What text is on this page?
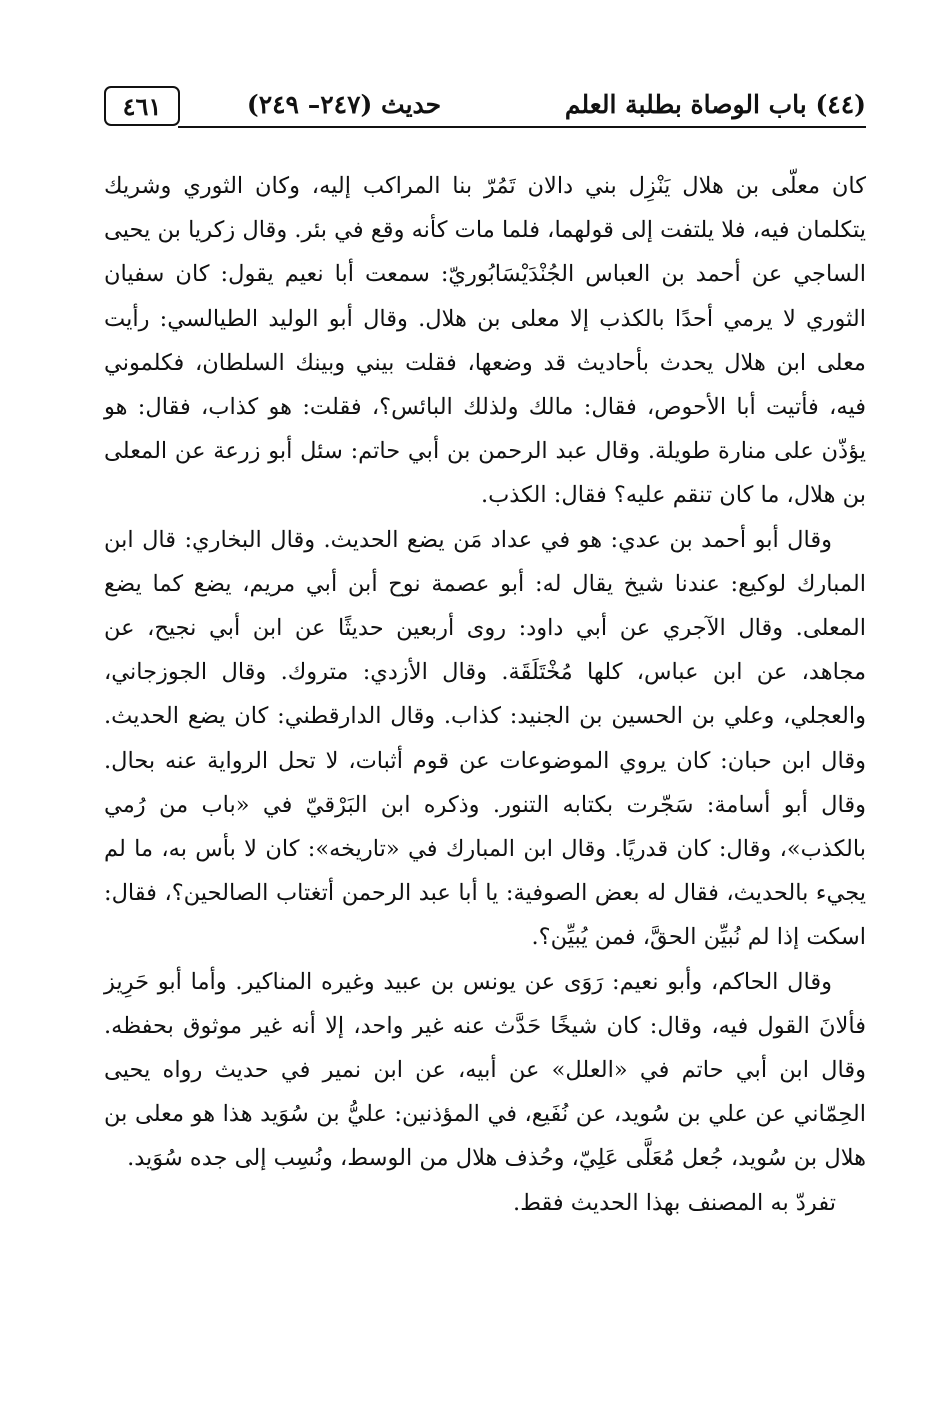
٤٦١	حديث (٢٤٧– ٢٤٩)	(٤٤) باب الوصاة بطلبة العلم

كان معلّى بن هلال يَنْزِل بني دالان تَمُرّ بنا المراكب إليه، وكان الثوري وشريك يتكلمان فيه، فلا يلتفت إلى قولهما، فلما مات كأنه وقع في بئر. وقال زكريا بن يحيى الساجي عن أحمد بن العباس الجُنْدَيْسَابُوريّ: سمعت أبا نعيم يقول: كان سفيان الثوري لا يرمي أحدًا بالكذب إلا معلى بن هلال. وقال أبو الوليد الطيالسي: رأيت معلى ابن هلال يحدث بأحاديث قد وضعها، فقلت بيني وبينك السلطان، فكلموني فيه، فأتيت أبا الأحوص، فقال: مالك ولذلك البائس؟، فقلت: هو كذاب، فقال: هو يؤذّن على منارة طويلة. وقال عبد الرحمن بن أبي حاتم: سئل أبو زرعة عن المعلى بن هلال، ما كان تنقم عليه؟ فقال: الكذب.

وقال أبو أحمد بن عدي: هو في عداد مَن يضع الحديث. وقال البخاري: قال ابن المبارك لوكيع: عندنا شيخ يقال له: أبو عصمة نوح أبن أبي مريم، يضع كما يضع المعلى. وقال الآجري عن أبي داود: روى أربعين حديثًا عن ابن أبي نجيح، عن مجاهد، عن ابن عباس، كلها مُخْتَلَقَة. وقال الأزدي: متروك. وقال الجوزجاني، والعجلي، وعلي بن الحسين بن الجنيد: كذاب. وقال الدارقطني: كان يضع الحديث. وقال ابن حبان: كان يروي الموضوعات عن قوم أثبات، لا تحل الرواية عنه بحال. وقال أبو أسامة: سَجّرت بكتابه التنور. وذكره ابن البَرْقيّ في «باب من رُمي بالكذب»، وقال: كان قدريًا. وقال ابن المبارك في «تاريخه»: كان لا بأس به، ما لم يجيء بالحديث، فقال له بعض الصوفية: يا أبا عبد الرحمن أتغتاب الصالحين؟، فقال: اسكت إذا لم نُبيِّن الحقَّ، فمن يُبيِّن؟.

وقال الحاكم، وأبو نعيم: رَوَى عن يونس بن عبيد وغيره المناكير. وأما أبو حَرِيز فألانَ القول فيه، وقال: كان شيخًا حَدَّث عنه غير واحد، إلا أنه غير موثوق بحفظه. وقال ابن أبي حاتم في «العلل» عن أبيه، عن ابن نمير في حديث رواه يحيى الحِمّاني عن علي بن سُويد، عن نُفَيع، في المؤذنين: عليُّ بن سُوَيد هذا هو معلى بن هلال بن سُويد، جُعل مُعَلَّى عَلِيّ، وحُذف هلال من الوسط، ونُسِب إلى جده سُوَيد.

تفردّ به المصنف بهذا الحديث فقط.
